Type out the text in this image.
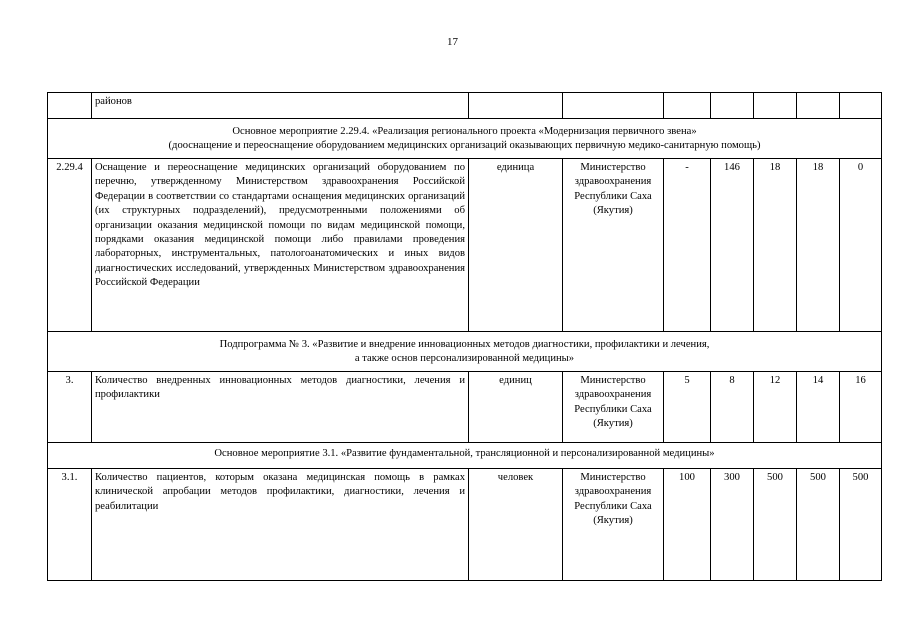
17
	районов							

Основное мероприятие 2.29.4. «Реализация регионального проекта «Модернизация первичного звена»
(дооснащение и переоснащение оборудованием медицинских организаций оказывающих первичную медико-санитарную помощь)								

2.29.4	Оснащение и переоснащение медицинских организаций оборудованием по перечню, утвержденному Министерством здравоохранения Российской Федерации в соответствии со стандартами оснащения медицинских организаций (их структурных подразделений), предусмотренными положениями об организации оказания медицинской помощи по видам медицинской помощи, порядками оказания медицинской помощи либо правилами проведения лабораторных, инструментальных, патологоанатомических и иных видов диагностических исследований, утвержденных Министерством здравоохранения Российской Федерации	единица	Министерство здравоохранения Республики Саха (Якутия)	-	146	18	18	0

Подпрограмма № 3. «Развитие и внедрение инновационных методов диагностики, профилактики и лечения,
а также основ персонализированной медицины»								

3.	Количество внедренных инновационных методов диагностики, лечения и профилактики	единиц	Министерство здравоохранения Республики Саха (Якутия)	5	8	12	14	16

Основное мероприятие 3.1. «Развитие фундаментальной, трансляционной и персонализированной медицины»								

3.1.	Количество пациентов, которым оказана медицинская помощь в рамках клинической апробации методов профилактики, диагностики, лечения и реабилитации	человек	Министерство здравоохранения Республики Саха (Якутия)	100	300	500	500	500
